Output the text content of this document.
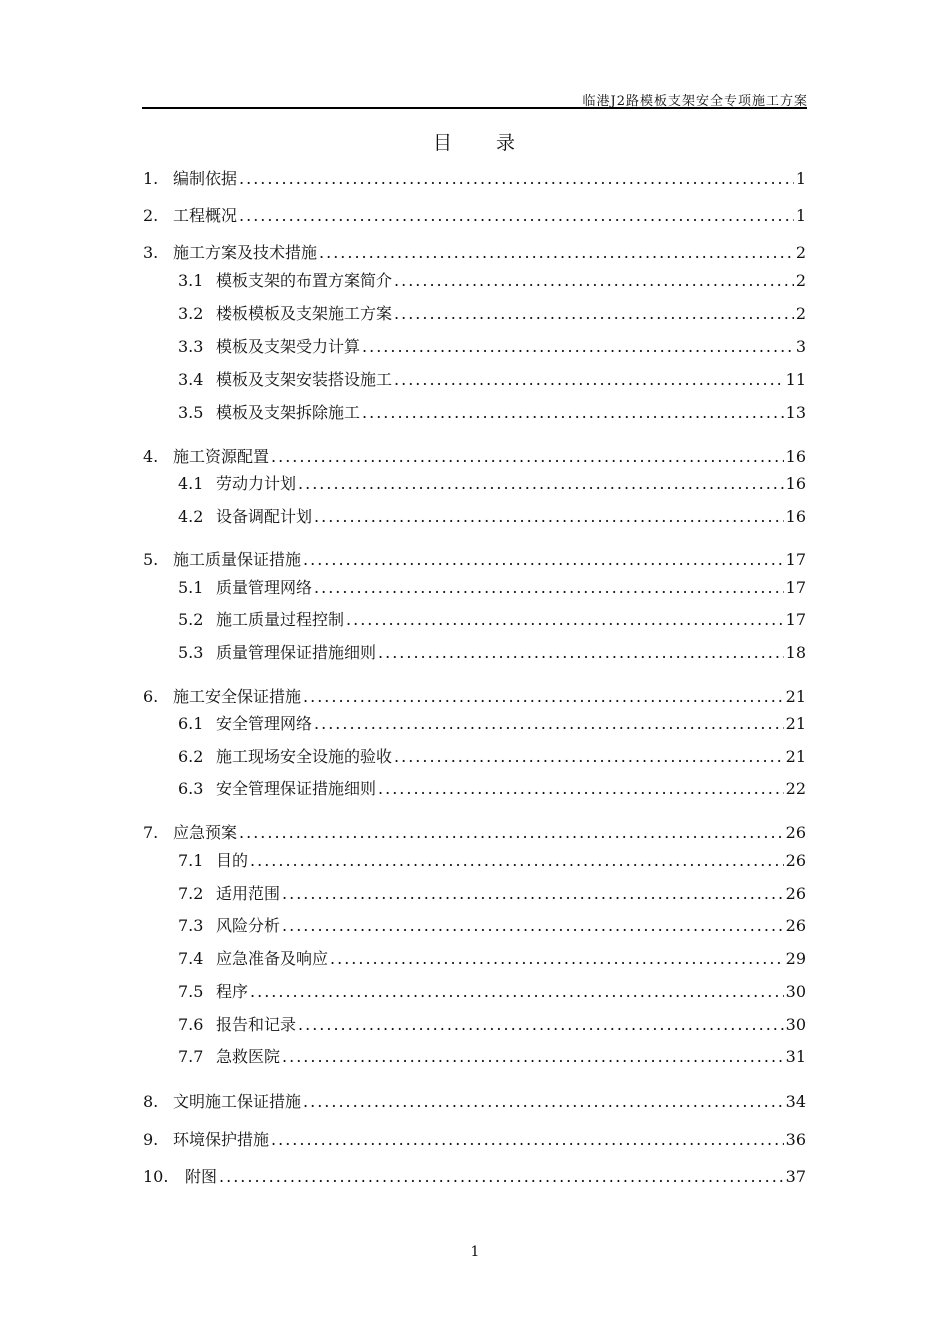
临港J2路模板支架安全专项施工方案
目 录
1. 编制依据 .....	1
2. 工程概况 .....	1
3. 施工方案及技术措施 .....	2
3.1 模板支架的布置方案简介 .....	2
3.2 楼板模板及支架施工方案 .....	2
3.3 模板及支架受力计算 .....	3
3.4 模板及支架安装搭设施工 .....	11
3.5 模板及支架拆除施工 .....	13
4. 施工资源配置 .....	16
4.1 劳动力计划 .....	16
4.2 设备调配计划 .....	16
5. 施工质量保证措施 .....	17
5.1 质量管理网络 .....	17
5.2 施工质量过程控制 .....	17
5.3 质量管理保证措施细则 .....	18
6. 施工安全保证措施 .....	21
6.1 安全管理网络 .....	21
6.2 施工现场安全设施的验收 .....	21
6.3 安全管理保证措施细则 .....	22
7. 应急预案 .....	26
7.1 目的 .....	26
7.2 适用范围 .....	26
7.3 风险分析 .....	26
7.4 应急准备及响应 .....	29
7.5 程序 .....	30
7.6 报告和记录 .....	30
7.7 急救医院 .....	31
8. 文明施工保证措施 .....	34
9. 环境保护措施 .....	36
10.	附图 .....	37
1
